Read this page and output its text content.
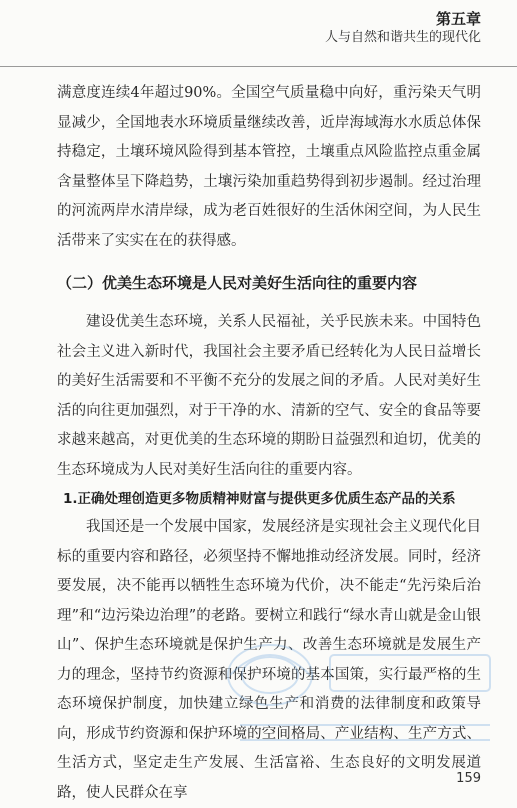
第五章
人与自然和谐共生的现代化

满意度连续4年超过90%。全国空气质量稳中向好，重污染天气明显减少，全国地表水环境质量继续改善，近岸海域海水水质总体保持稳定，土壤环境风险得到基本管控，土壤重点风险监控点重金属含量整体呈下降趋势，土壤污染加重趋势得到初步遏制。经过治理的河流两岸水清岸绿，成为老百姓很好的生活休闲空间，为人民生活带来了实实在在的获得感。

（二）优美生态环境是人民对美好生活向往的重要内容

建设优美生态环境，关系人民福祉，关乎民族未来。中国特色社会主义进入新时代，我国社会主要矛盾已经转化为人民日益增长的美好生活需要和不平衡不充分的发展之间的矛盾。人民对美好生活的向往更加强烈，对于干净的水、清新的空气、安全的食品等要求越来越高，对更优美的生态环境的期盼日益强烈和迫切，优美的生态环境成为人民对美好生活向往的重要内容。

1.正确处理创造更多物质精神财富与提供更多优质生态产品的关系

我国还是一个发展中国家，发展经济是实现社会主义现代化目标的重要内容和路径，必须坚持不懈地推动经济发展。同时，经济要发展，决不能再以牺牲生态环境为代价，决不能走“先污染后治理”和“边污染边治理”的老路。要树立和践行“绿水青山就是金山银山”、保护生态环境就是保护生产力、改善生态环境就是发展生产力的理念，坚持节约资源和保护环境的基本国策，实行最严格的生态环境保护制度，加快建立绿色生产和消费的法律制度和政策导向，形成节约资源和保护环境的空间格局、产业结构、生产方式、生活方式，坚定走生产发展、生活富裕、生态良好的文明发展道路，使人民群众在享

159
